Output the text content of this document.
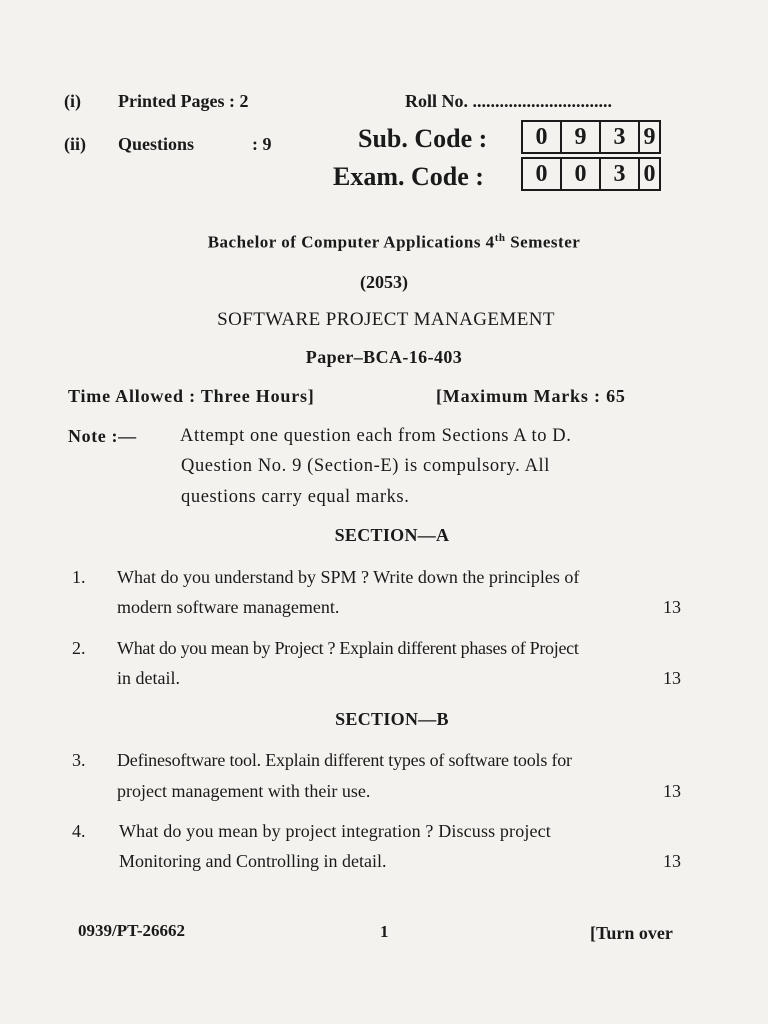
(i) Printed Pages : 2
(ii) Questions	: 9
Roll No. ...............................
Sub. Code :	0	9	3 9
Exam. Code :	0	0	3 0
Bachelor of Computer Applications 4th Semester
(2053)
SOFTWARE PROJECT MANAGEMENT
Paper–BCA-16-403
Time Allowed : Three Hours]	[Maximum Marks : 65
Note :— Attempt one question each from Sections A to D.
Question No. 9 (Section-E) is compulsory. All
questions carry equal marks.
SECTION—A
1. What do you understand by SPM ? Write down the principles of
modern software management.	13
2. What do you mean by Project ? Explain different phases of Project
in detail.	13
SECTION—B
3. Definesoftware tool. Explain different types of software tools for
project management with their use.	13
4. What do you mean by project integration ? Discuss project
Monitoring and Controlling in detail.	13
0939/PT-26662	1	[Turn over
